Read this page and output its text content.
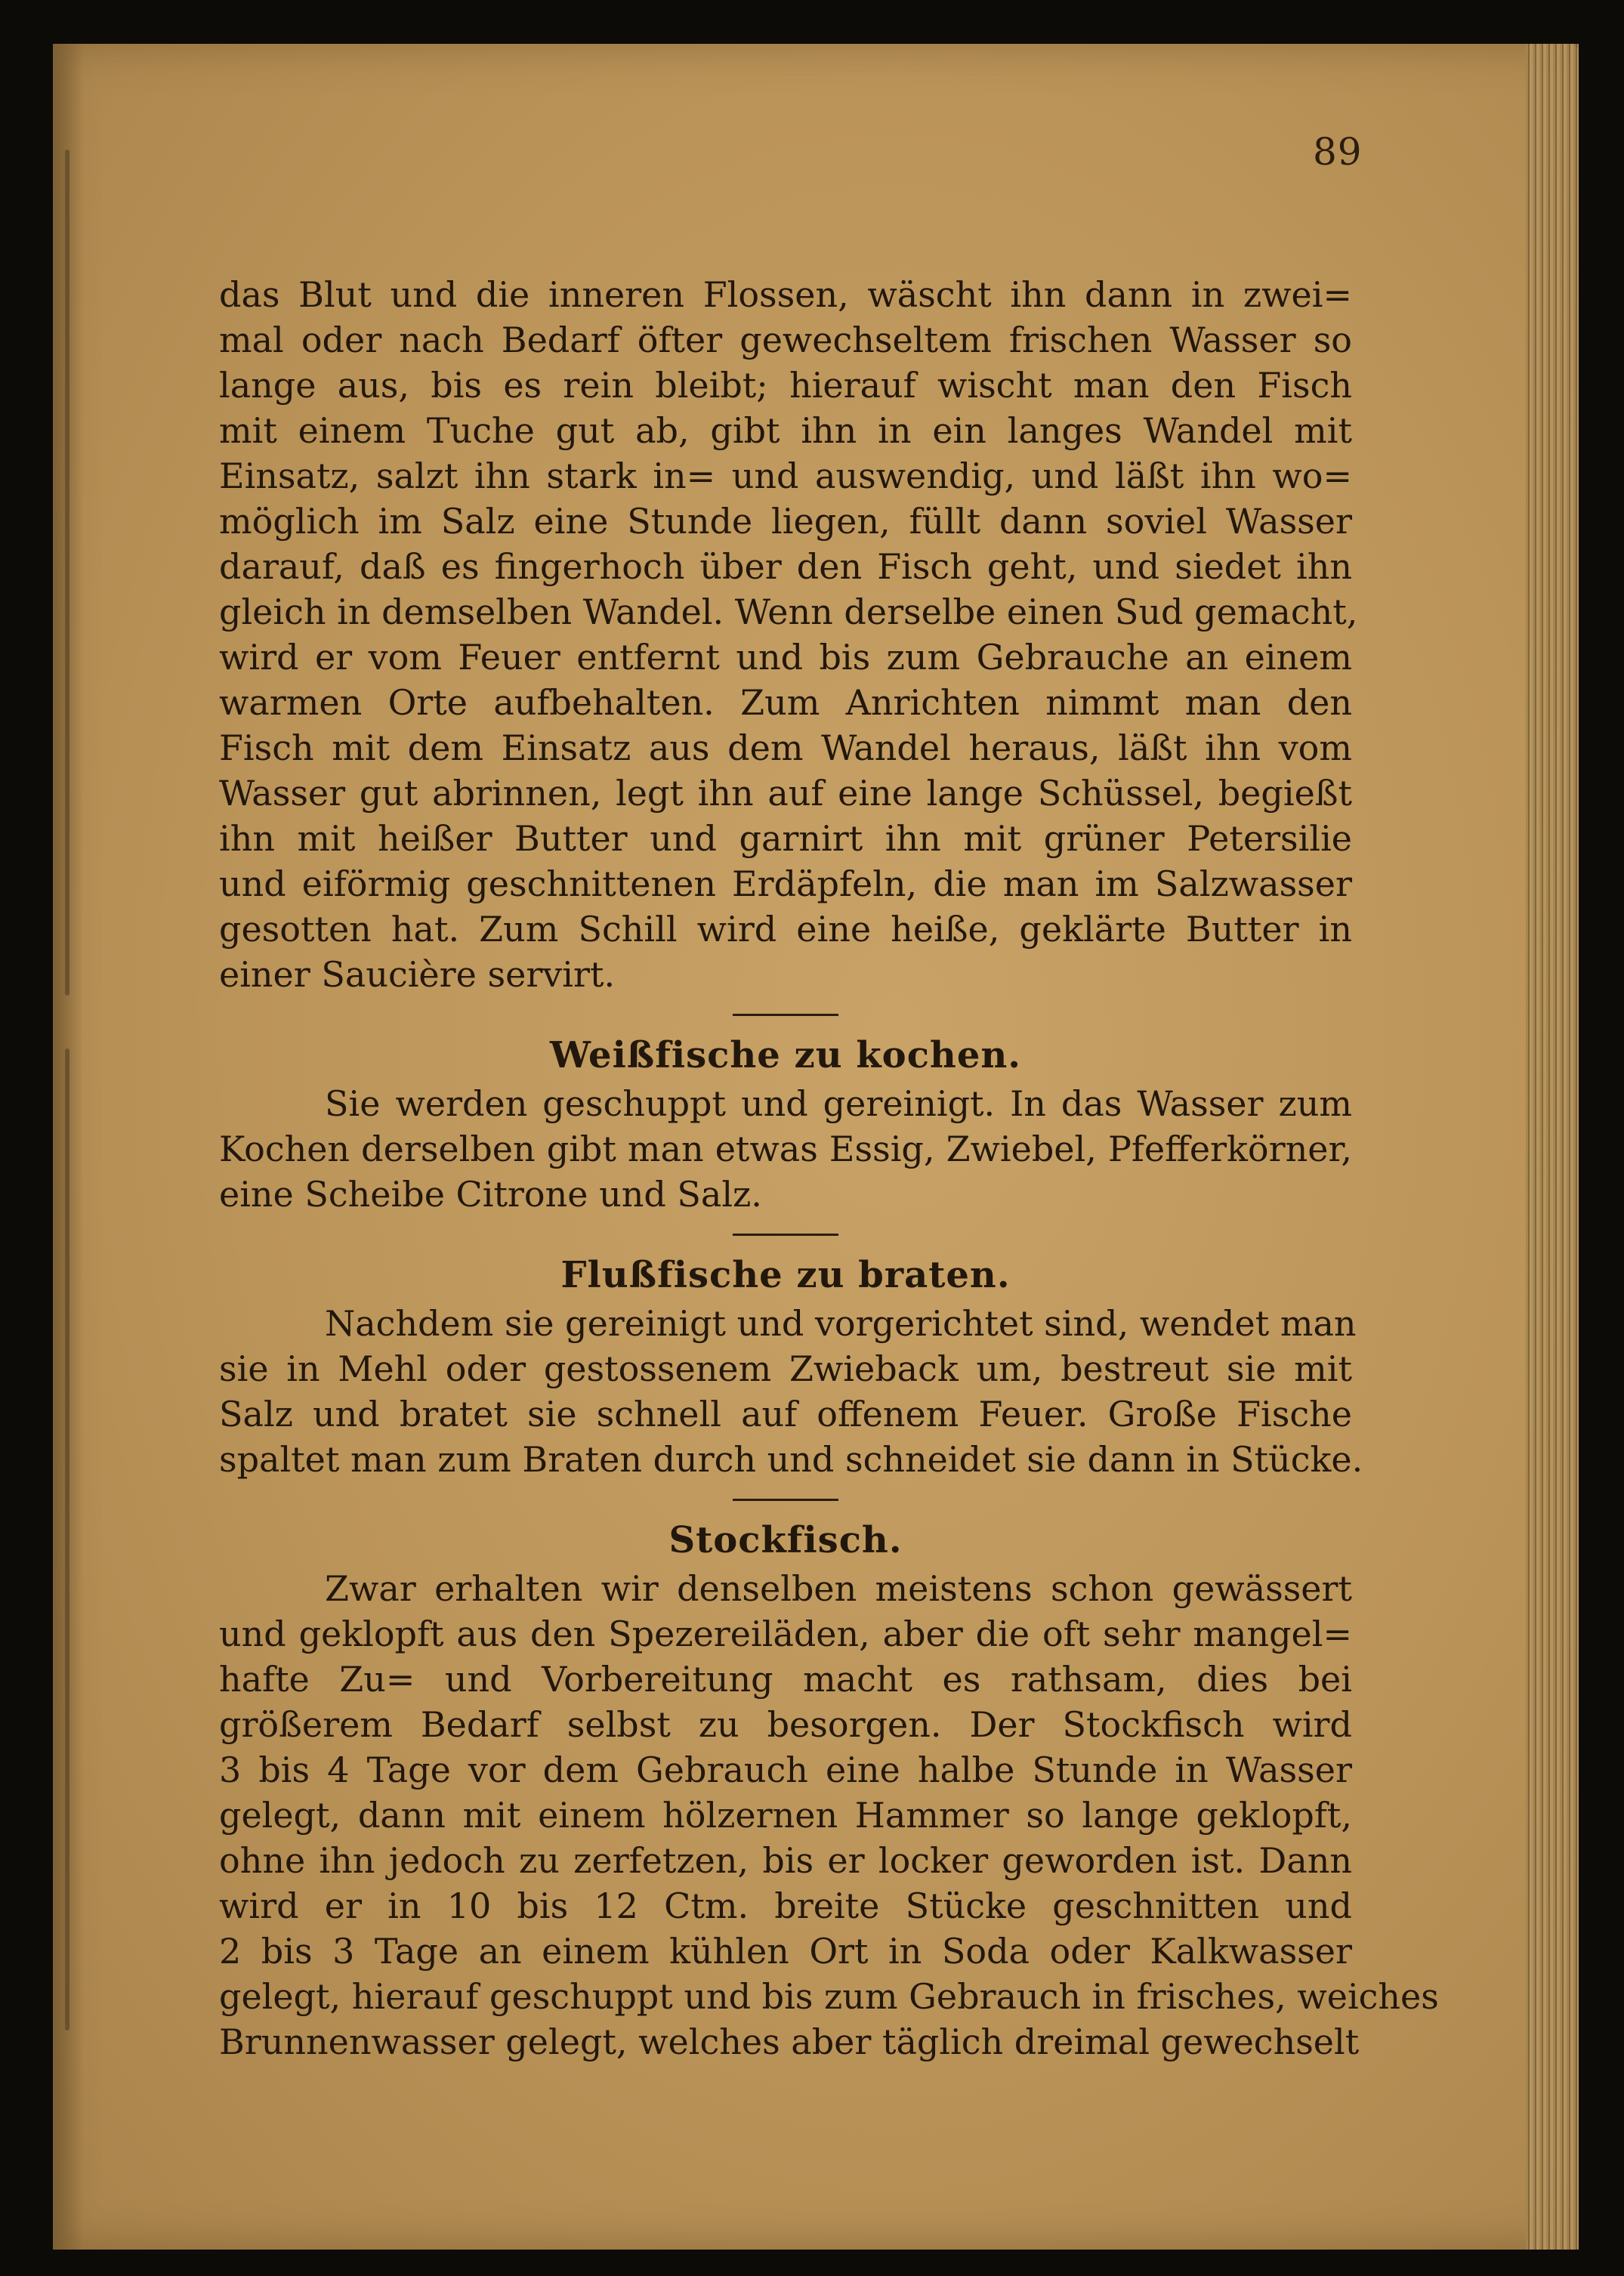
89
das Blut und die inneren Flossen, wäscht ihn dann in zwei=
mal oder nach Bedarf öfter gewechseltem frischen Wasser so
lange aus, bis es rein bleibt; hierauf wischt man den Fisch
mit einem Tuche gut ab, gibt ihn in ein langes Wandel mit
Einsatz, salzt ihn stark in= und auswendig, und läßt ihn wo=
möglich im Salz eine Stunde liegen, füllt dann soviel Wasser
darauf, daß es fingerhoch über den Fisch geht, und siedet ihn
gleich in demselben Wandel. Wenn derselbe einen Sud gemacht,
wird er vom Feuer entfernt und bis zum Gebrauche an einem
warmen Orte aufbehalten. Zum Anrichten nimmt man den
Fisch mit dem Einsatz aus dem Wandel heraus, läßt ihn vom
Wasser gut abrinnen, legt ihn auf eine lange Schüssel, begießt
ihn mit heißer Butter und garnirt ihn mit grüner Petersilie
und eiförmig geschnittenen Erdäpfeln, die man im Salzwasser
gesotten hat. Zum Schill wird eine heiße, geklärte Butter in
einer Saucière servirt.
Weißfische zu kochen.
Sie werden geschuppt und gereinigt. In das Wasser zum
Kochen derselben gibt man etwas Essig, Zwiebel, Pfefferkörner,
eine Scheibe Citrone und Salz.
Flußfische zu braten.
Nachdem sie gereinigt und vorgerichtet sind, wendet man
sie in Mehl oder gestossenem Zwieback um, bestreut sie mit
Salz und bratet sie schnell auf offenem Feuer. Große Fische
spaltet man zum Braten durch und schneidet sie dann in Stücke.
Stockfisch.
Zwar erhalten wir denselben meistens schon gewässert
und geklopft aus den Spezereiläden, aber die oft sehr mangel=
hafte Zu= und Vorbereitung macht es rathsam, dies bei
größerem Bedarf selbst zu besorgen. Der Stockfisch wird
3 bis 4 Tage vor dem Gebrauch eine halbe Stunde in Wasser
gelegt, dann mit einem hölzernen Hammer so lange geklopft,
ohne ihn jedoch zu zerfetzen, bis er locker geworden ist. Dann
wird er in 10 bis 12 Ctm. breite Stücke geschnitten und
2 bis 3 Tage an einem kühlen Ort in Soda oder Kalkwasser
gelegt, hierauf geschuppt und bis zum Gebrauch in frisches, weiches
Brunnenwasser gelegt, welches aber täglich dreimal gewechselt
